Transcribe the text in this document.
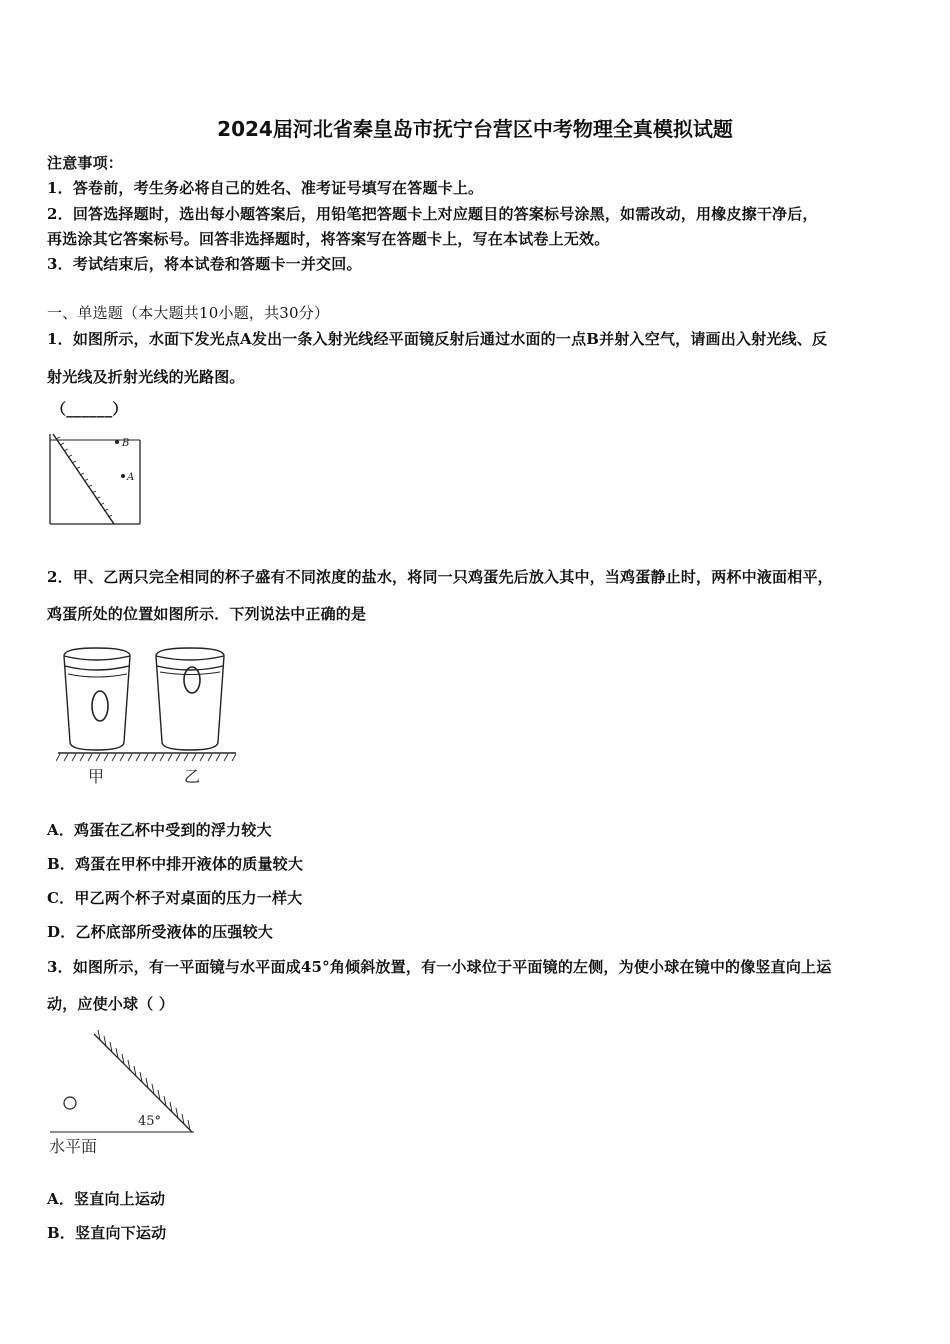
2024届河北省秦皇岛市抚宁台营区中考物理全真模拟试题
注意事项：
1．答卷前，考生务必将自己的姓名、准考证号填写在答题卡上。
2．回答选择题时，选出每小题答案后，用铅笔把答题卡上对应题目的答案标号涂黑，如需改动，用橡皮擦干净后，
再选涂其它答案标号。回答非选择题时，将答案写在答题卡上，写在本试卷上无效。
3．考试结束后，将本试卷和答题卡一并交回。
一、单选题（本大题共10小题，共30分）
1．如图所示，水面下发光点A发出一条入射光线经平面镜反射后通过水面的一点B并射入空气，请画出入射光线、反
射光线及折射光线的光路图。
（______）
B
A
2．甲、乙两只完全相同的杯子盛有不同浓度的盐水，将同一只鸡蛋先后放入其中，当鸡蛋静止时，两杯中液面相平，
鸡蛋所处的位置如图所示．下列说法中正确的是
甲	乙
A．鸡蛋在乙杯中受到的浮力较大
B．鸡蛋在甲杯中排开液体的质量较大
C．甲乙两个杯子对桌面的压力一样大
D．乙杯底部所受液体的压强较大
3．如图所示，有一平面镜与水平面成45°角倾斜放置，有一小球位于平面镜的左侧，为使小球在镜中的像竖直向上运
动，应使小球（ ）
45°
水平面
A．竖直向上运动
B．竖直向下运动
